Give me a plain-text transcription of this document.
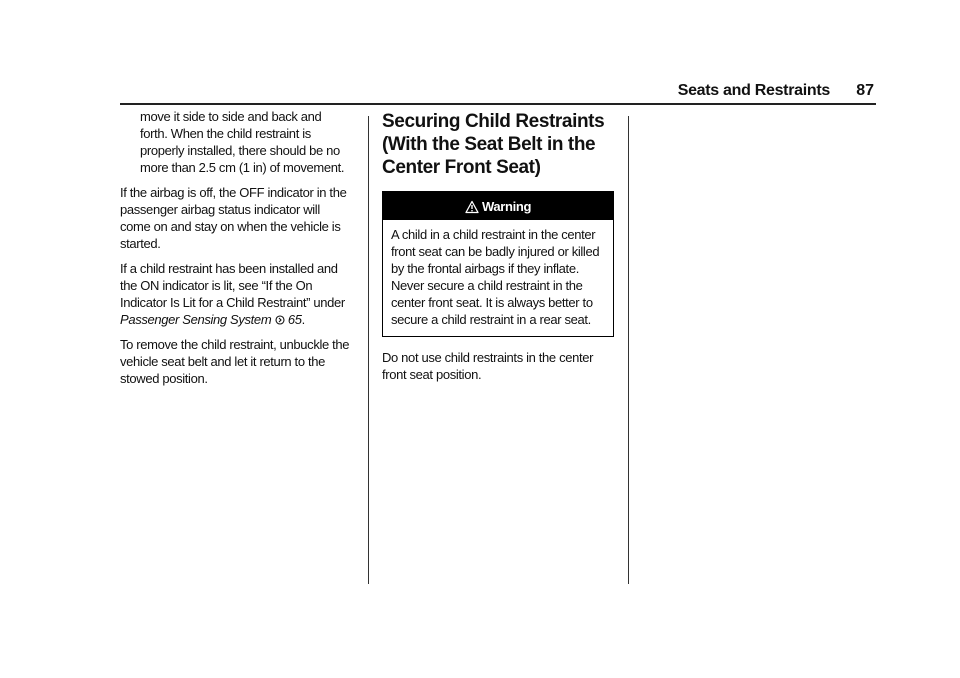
Seats and Restraints 87

move it side to side and back and forth. When the child restraint is properly installed, there should be no more than 2.5 cm (1 in) of movement.

If the airbag is off, the OFF indicator in the passenger airbag status indicator will come on and stay on when the vehicle is started.

If a child restraint has been installed and the ON indicator is lit, see “If the On Indicator Is Lit for a Child Restraint” under Passenger Sensing System 65.

To remove the child restraint, unbuckle the vehicle seat belt and let it return to the stowed position.

Securing Child Restraints (With the Seat Belt in the Center Front Seat)
Warning
A child in a child restraint in the center front seat can be badly injured or killed by the frontal airbags if they inflate. Never secure a child restraint in the center front seat. It is always better to secure a child restraint in a rear seat.

Do not use child restraints in the center front seat position.
